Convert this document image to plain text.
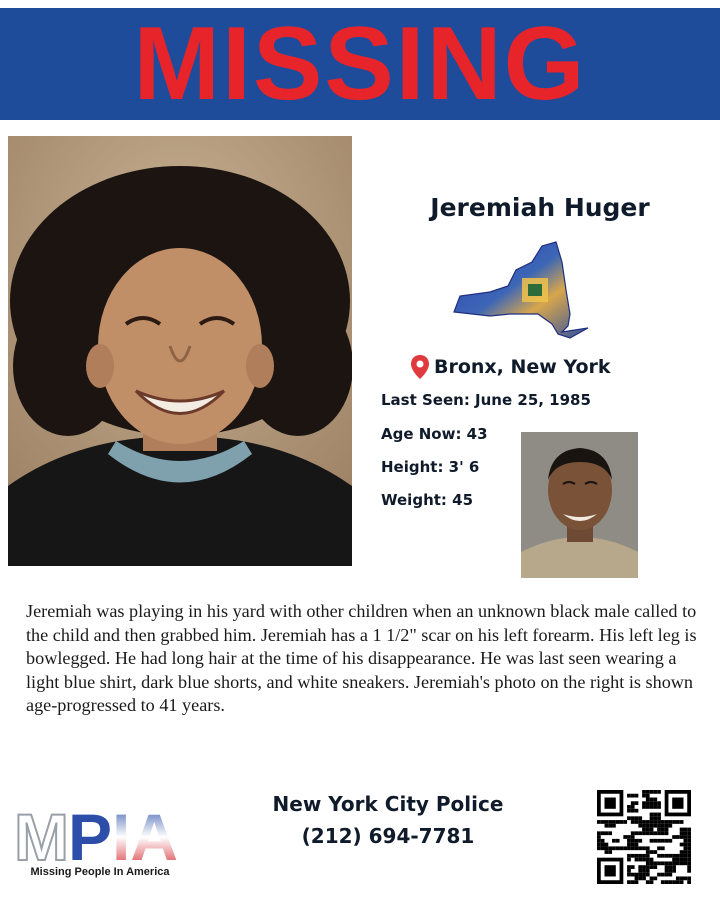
MISSING
Jeremiah Huger
Bronx, New York
Last Seen: June 25, 1985
Age Now: 43
Height: 3' 6
Weight: 45
Jeremiah was playing in his yard with other children when an unknown black male called to the child and then grabbed him. Jeremiah has a 1 1/2" scar on his left forearm. His left leg is bowlegged. He had long hair at the time of his disappearance. He was last seen wearing a light blue shirt, dark blue shorts, and white sneakers. Jeremiah's photo on the right is shown age-progressed to 41 years.
M P IA
Missing People In America
New York City Police
(212) 694-7781
